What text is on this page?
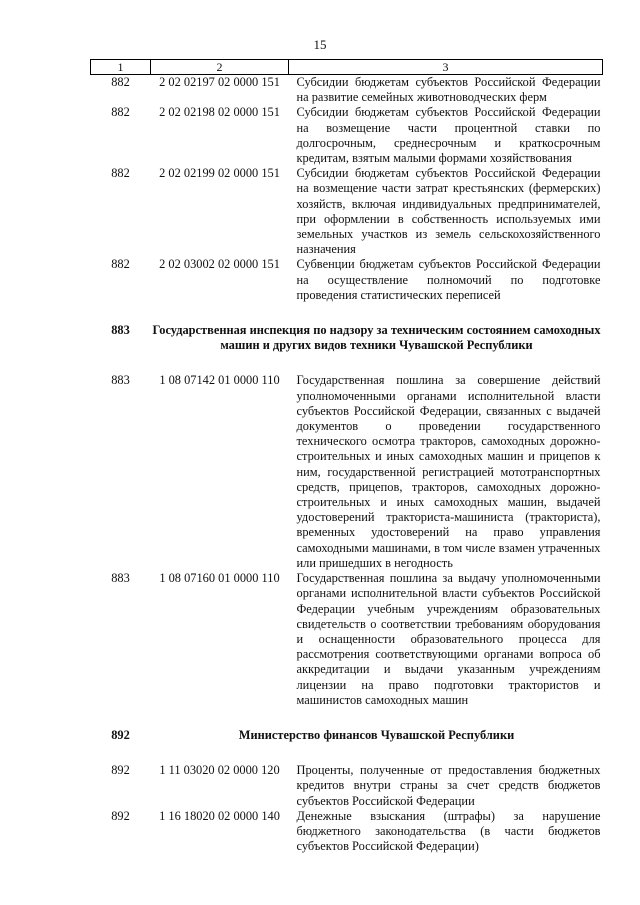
15
1	2	3
882	2 02 02197 02 0000 151	Субсидии бюджетам субъектов Российской Федерации на развитие семейных животноводческих ферм
882	2 02 02198 02 0000 151	Субсидии бюджетам субъектов Российской Федерации на возмещение части процентной ставки по долгосрочным, среднесрочным и краткосрочным кредитам, взятым малыми формами хозяйствования
882	2 02 02199 02 0000 151	Субсидии бюджетам субъектов Российской Федерации на возмещение части затрат крестьянских (фермерских) хозяйств, включая индивидуальных предпринимателей, при оформлении в собственность используемых ими земельных участков из земель сельскохозяйственного назначения
882	2 02 03002 02 0000 151	Субвенции бюджетам субъектов Российской Федерации на осуществление полномочий по подготовке проведения статистических переписей
883	Государственная инспекция по надзору за техническим состоянием самоходных машин и других видов техники Чувашской Республики	
883	1 08 07142 01 0000 110	Государственная пошлина за совершение действий уполномоченными органами исполнительной власти субъектов Российской Федерации, связанных с выдачей документов о проведении государственного технического осмотра тракторов, самоходных дорожно-строительных и иных самоходных машин и прицепов к ним, государственной регистрацией мототранспортных средств, прицепов, тракторов, самоходных дорожно-строительных и иных самоходных машин, выдачей удостоверений тракториста-машиниста (тракториста), временных удостоверений на право управления самоходными машинами, в том числе взамен утраченных или пришедших в негодность
883	1 08 07160 01 0000 110	Государственная пошлина за выдачу уполномоченными органами исполнительной власти субъектов Российской Федерации учебным учреждениям образовательных свидетельств о соответствии требованиям оборудования и оснащенности образовательного процесса для рассмотрения соответствующими органами вопроса об аккредитации и выдачи указанным учреждениям лицензии на право подготовки трактористов и машинистов самоходных машин
892	Министерство финансов Чувашской Республики	
892	1 11 03020 02 0000 120	Проценты, полученные от предоставления бюджетных кредитов внутри страны за счет средств бюджетов субъектов Российской Федерации
892	1 16 18020 02 0000 140	Денежные взыскания (штрафы) за нарушение бюджетного законодательства (в части бюджетов субъектов Российской Федерации)
